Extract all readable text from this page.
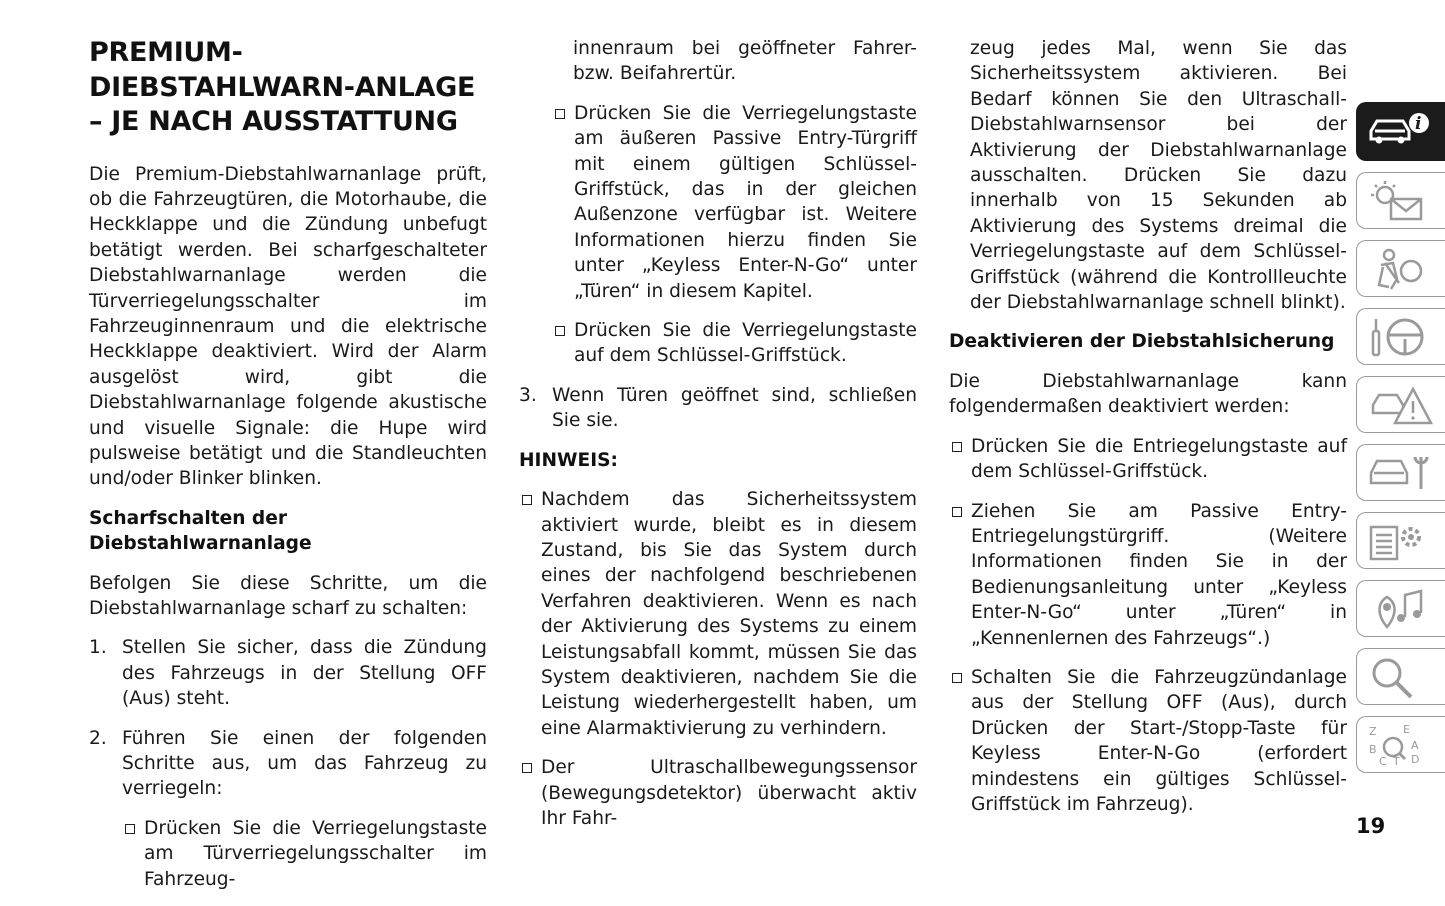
PREMIUM-DIEBSTAHLWARN-ANLAGE – JE NACH AUSSTATTUNG

Die Premium-Diebstahlwarnanlage prüft, ob die Fahrzeugtüren, die Motorhaube, die Heckklappe und die Zündung unbefugt betätigt werden. Bei scharfgeschalteter Diebstahlwarnanlage werden die Türverriegelungsschalter im Fahrzeuginnenraum und die elektrische Heckklappe deaktiviert. Wird der Alarm ausgelöst wird, gibt die Diebstahlwarnanlage folgende akustische und visuelle Signale: die Hupe wird pulsweise betätigt und die Standleuchten und/oder Blinker blinken.

Scharfschalten der Diebstahlwarnanlage

Befolgen Sie diese Schritte, um die Diebstahlwarnanlage scharf zu schalten:

1. Stellen Sie sicher, dass die Zündung des Fahrzeugs in der Stellung OFF (Aus) steht.
2. Führen Sie einen der folgenden Schritte aus, um das Fahrzeug zu verriegeln:
Drücken Sie die Verriegelungstaste am Türverriegelungsschalter im Fahrzeug-

innenraum bei geöffneter Fahrer- bzw. Beifahrertür.

Drücken Sie die Verriegelungstaste am äußeren Passive Entry-Türgriff mit einem gültigen Schlüssel-Griffstück, das in der gleichen Außenzone verfügbar ist. Weitere Informationen hierzu finden Sie unter „Keyless Enter-N-Go“ unter „Türen“ in diesem Kapitel.
Drücken Sie die Verriegelungstaste auf dem Schlüssel-Griffstück.
3. Wenn Türen geöffnet sind, schließen Sie sie.
HINWEIS:
Nachdem das Sicherheitssystem aktiviert wurde, bleibt es in diesem Zustand, bis Sie das System durch eines der nachfolgend beschriebenen Verfahren deaktivieren. Wenn es nach der Aktivierung des Systems zu einem Leistungsabfall kommt, müssen Sie das System deaktivieren, nachdem Sie die Leistung wiederhergestellt haben, um eine Alarmaktivierung zu verhindern.
Der Ultraschallbewegungssensor (Bewegungsdetektor) überwacht aktiv Ihr Fahr-

zeug jedes Mal, wenn Sie das Sicherheitssystem aktivieren. Bei Bedarf können Sie den Ultraschall-Diebstahlwarnsensor bei der Aktivierung der Diebstahlwarnanlage ausschalten. Drücken Sie dazu innerhalb von 15 Sekunden ab Aktivierung des Systems dreimal die Verriegelungstaste auf dem Schlüssel-Griffstück (während die Kontrollleuchte der Diebstahlwarnanlage schnell blinkt).

Deaktivieren der Diebstahlsicherung

Die Diebstahlwarnanlage kann folgendermaßen deaktiviert werden:

Drücken Sie die Entriegelungstaste auf dem Schlüssel-Griffstück.
Ziehen Sie am Passive Entry- Entriegelungstürgriff. (Weitere Informationen finden Sie in der Bedienungsanleitung unter „Keyless Enter-N-Go“ unter „Türen“ in „Kennenlernen des Fahrzeugs“.)
Schalten Sie die Fahrzeugzündanlage aus der Stellung OFF (Aus), durch Drücken der Start-/Stopp-Taste für Keyless Enter-N-Go (erfordert mindestens ein gültiges Schlüssel-Griffstück im Fahrzeug).
i
Z E
B	A
C T D
19
